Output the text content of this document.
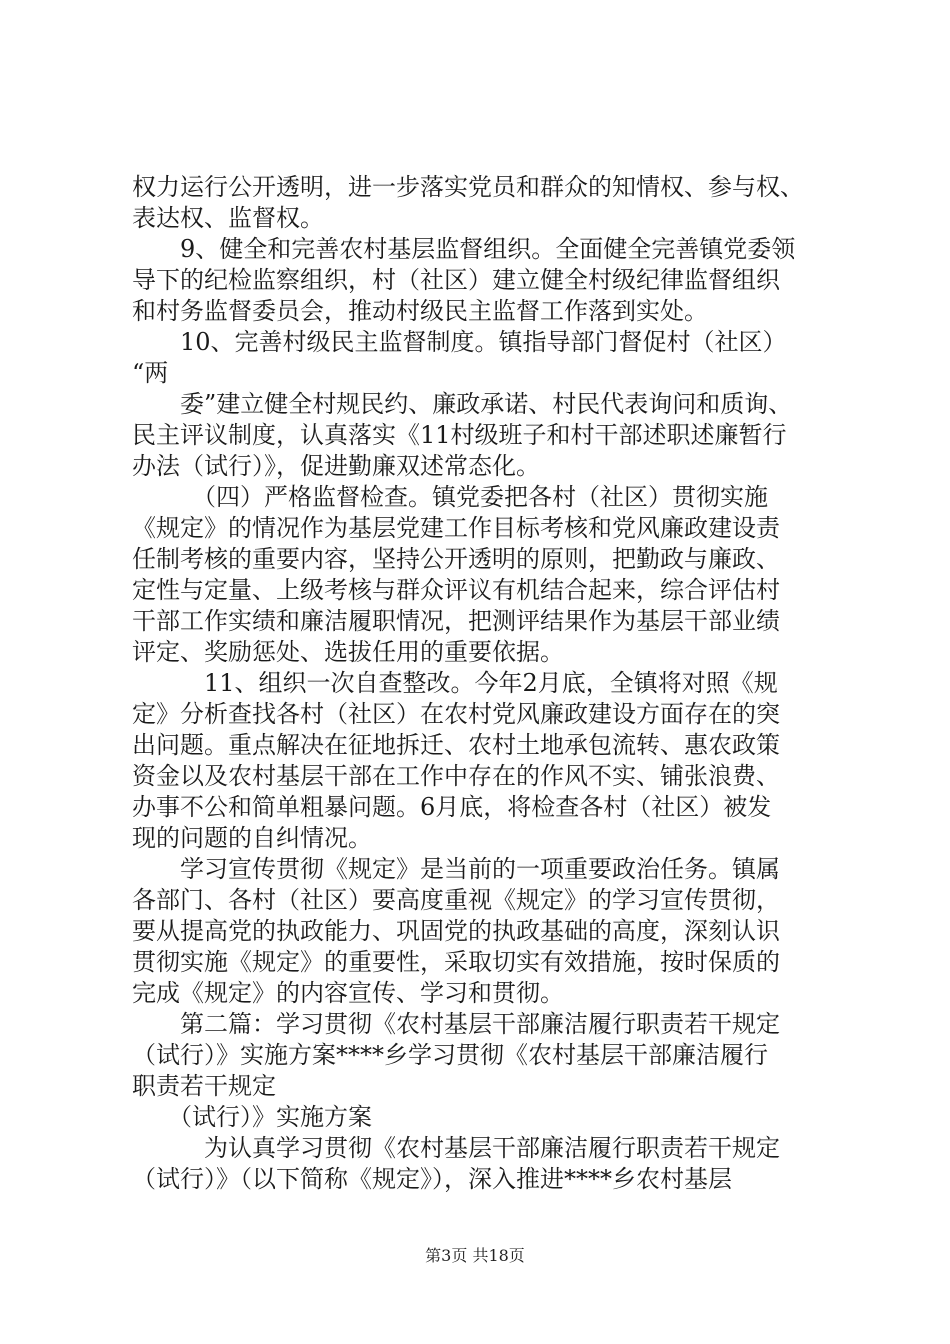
权力运行公开透明，进一步落实党员和群众的知情权、参与权、
表达权、监督权。
　　9、健全和完善农村基层监督组织。全面健全完善镇党委领
导下的纪检监察组织，村（社区）建立健全村级纪律监督组织
和村务监督委员会，推动村级民主监督工作落到实处。
　　10、完善村级民主监督制度。镇指导部门督促村（社区）
“两
　　委”建立健全村规民约、廉政承诺、村民代表询问和质询、
民主评议制度，认真落实《11村级班子和村干部述职述廉暂行
办法（试行）》，促进勤廉双述常态化。
　　　（四）严格监督检查。镇党委把各村（社区）贯彻实施
《规定》的情况作为基层党建工作目标考核和党风廉政建设责
任制考核的重要内容，坚持公开透明的原则，把勤政与廉政、
定性与定量、上级考核与群众评议有机结合起来，综合评估村
干部工作实绩和廉洁履职情况，把测评结果作为基层干部业绩
评定、奖励惩处、选拔任用的重要依据。
　　　11、组织一次自查整改。今年2月底，全镇将对照《规
定》分析查找各村（社区）在农村党风廉政建设方面存在的突
出问题。重点解决在征地拆迁、农村土地承包流转、惠农政策
资金以及农村基层干部在工作中存在的作风不实、铺张浪费、
办事不公和简单粗暴问题。6月底，将检查各村（社区）被发
现的问题的自纠情况。
　　学习宣传贯彻《规定》是当前的一项重要政治任务。镇属
各部门、各村（社区）要高度重视《规定》的学习宣传贯彻，
要从提高党的执政能力、巩固党的执政基础的高度，深刻认识
贯彻实施《规定》的重要性，采取切实有效措施，按时保质的
完成《规定》的内容宣传、学习和贯彻。
　　第二篇：学习贯彻《农村基层干部廉洁履行职责若干规定
（试行）》实施方案****乡学习贯彻《农村基层干部廉洁履行
职责若干规定
　　（试行）》实施方案
　　　为认真学习贯彻《农村基层干部廉洁履行职责若干规定
（试行）》（以下简称《规定》），深入推进****乡农村基层
第3页 共18页
